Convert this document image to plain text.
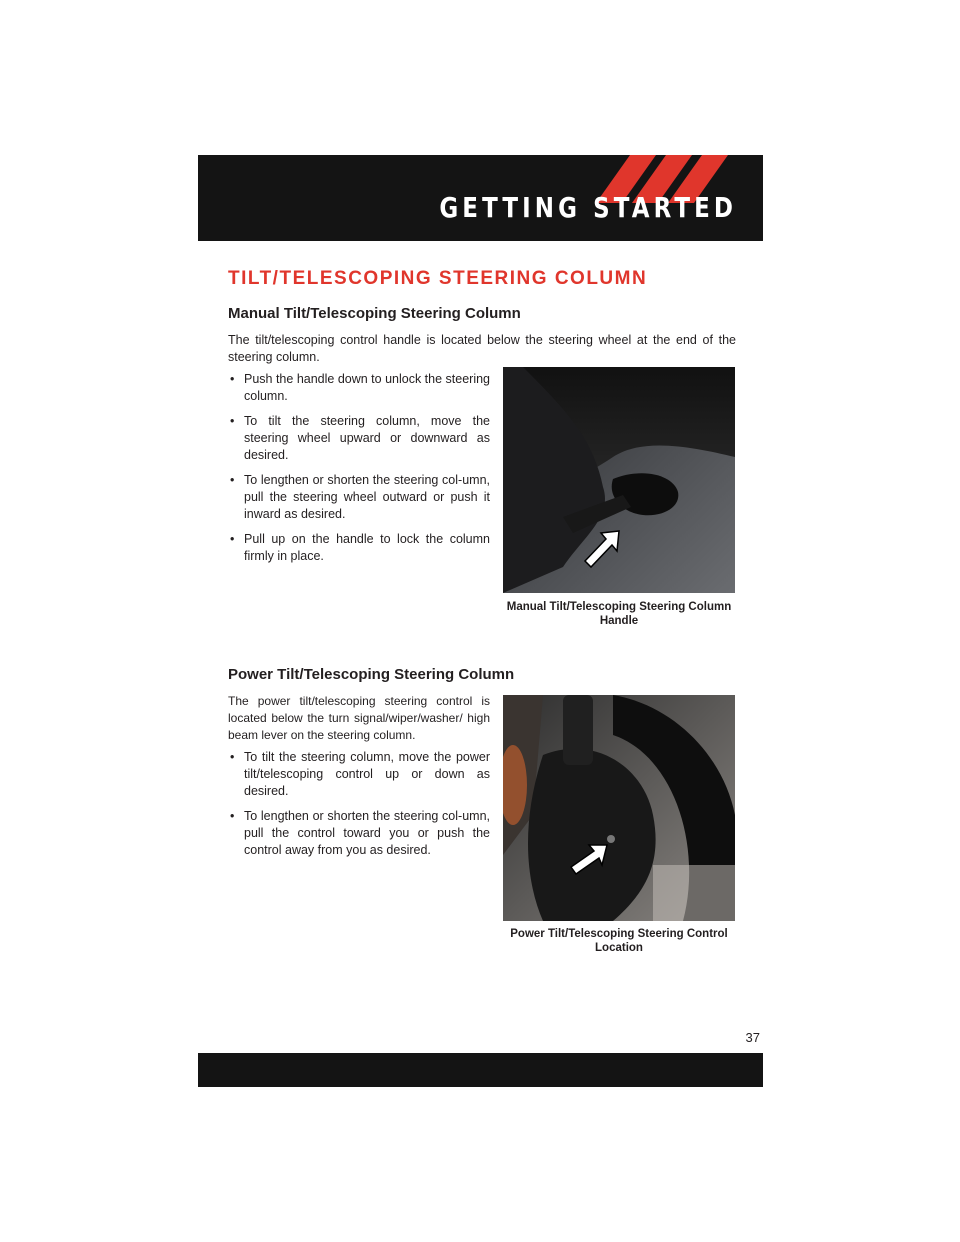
GETTING STARTED
TILT/TELESCOPING STEERING COLUMN
Manual Tilt/Telescoping Steering Column
The tilt/telescoping control handle is located below the steering wheel at the end of the steering column.
• Push the handle down to unlock the steering column.
• To tilt the steering column, move the steering wheel upward or downward as desired.
• To lengthen or shorten the steering col-umn, pull the steering wheel outward or push it inward as desired.
• Pull up on the handle to lock the column firmly in place.
Manual Tilt/Telescoping Steering Column Handle
Power Tilt/Telescoping Steering Column
The power tilt/telescoping steering control is located below the turn signal/wiper/washer/ high beam lever on the steering column.
• To tilt the steering column, move the power tilt/telescoping control up or down as desired.
• To lengthen or shorten the steering col-umn, pull the control toward you or push the control away from you as desired.
Power Tilt/Telescoping Steering Control Location
37
